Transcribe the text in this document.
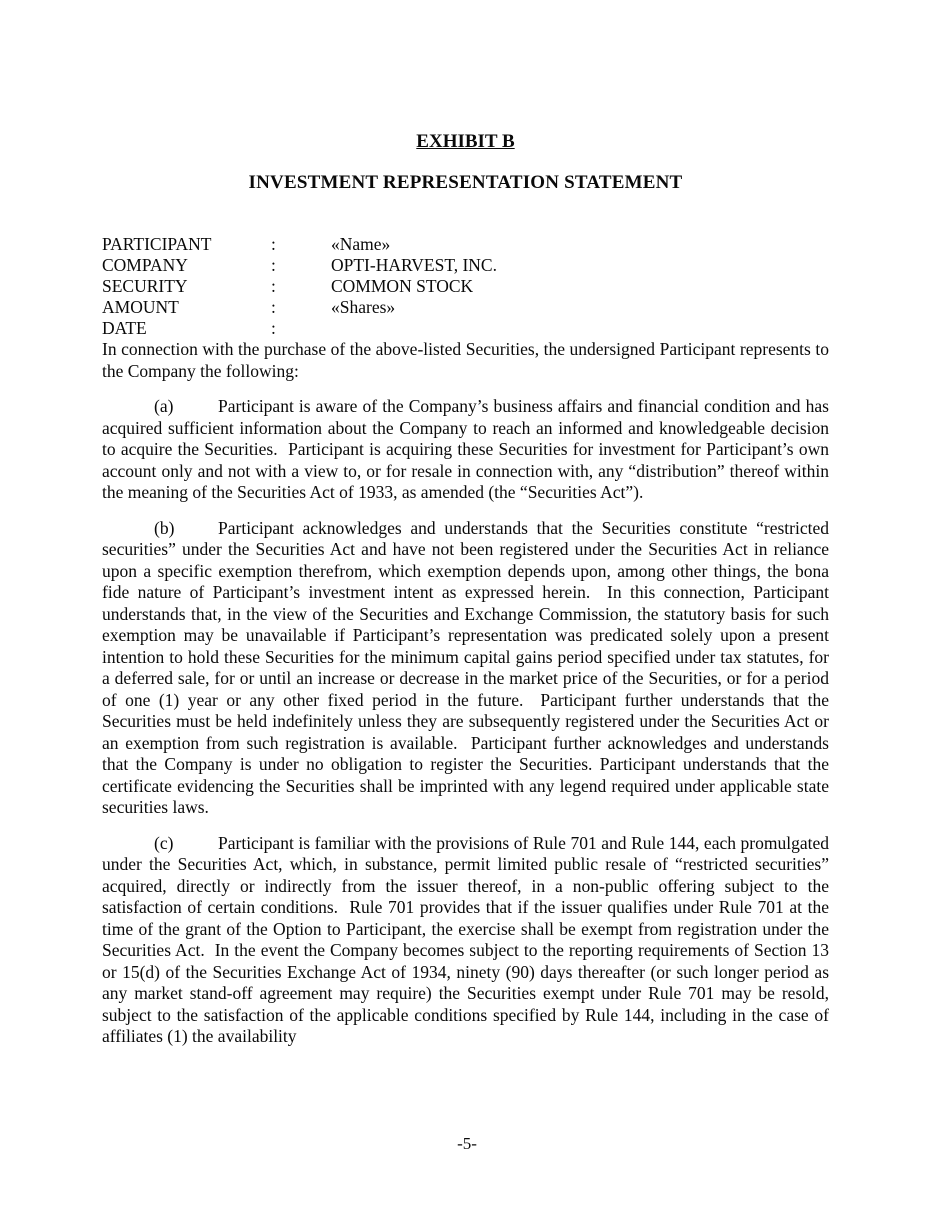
EXHIBIT B
INVESTMENT REPRESENTATION STATEMENT
PARTICIPANT	:	«Name»
COMPANY	:	OPTI-HARVEST, INC.
SECURITY	:	COMMON STOCK
AMOUNT	:	«Shares»
DATE	:

In connection with the purchase of the above-listed Securities, the undersigned Participant represents to the Company the following:

(a)	Participant is aware of the Company’s business affairs and financial condition and has acquired sufficient information about the Company to reach an informed and knowledgeable decision to acquire the Securities.  Participant is acquiring these Securities for investment for Participant’s own account only and not with a view to, or for resale in connection with, any “distribution” thereof within the meaning of the Securities Act of 1933, as amended (the “Securities Act”).

(b) Participant acknowledges and understands that the Securities constitute “restricted securities” under the Securities Act and have not been registered under the Securities Act in reliance upon a specific exemption therefrom, which exemption depends upon, among other things, the bona fide nature of Participant’s investment intent as expressed herein.  In this connection, Participant understands that, in the view of the Securities and Exchange Commission, the statutory basis for such exemption may be unavailable if Participant’s representation was predicated solely upon a present intention to hold these Securities for the minimum capital gains period specified under tax statutes, for a deferred sale, for or until an increase or decrease in the market price of the Securities, or for a period of one (1) year or any other fixed period in the future.  Participant further understands that the Securities must be held indefinitely unless they are subsequently registered under the Securities Act or an exemption from such registration is available.  Participant further acknowledges and understands that the Company is under no obligation to register the Securities. Participant understands that the certificate evidencing the Securities shall be imprinted with any legend required under applicable state securities laws.

(c)	Participant is familiar with the provisions of Rule 701 and Rule 144, each promulgated under the Securities Act, which, in substance, permit limited public resale of “restricted securities” acquired, directly or indirectly from the issuer thereof, in a non-public offering subject to the satisfaction of certain conditions.  Rule 701 provides that if the issuer qualifies under Rule 701 at the time of the grant of the Option to Participant, the exercise shall be exempt from registration under the Securities Act.  In the event the Company becomes subject to the reporting requirements of Section 13 or 15(d) of the Securities Exchange Act of 1934, ninety (90) days thereafter (or such longer period as any market stand-off agreement may require) the Securities exempt under Rule 701 may be resold, subject to the satisfaction of the applicable conditions specified by Rule 144, including in the case of affiliates (1) the availability

-5-
